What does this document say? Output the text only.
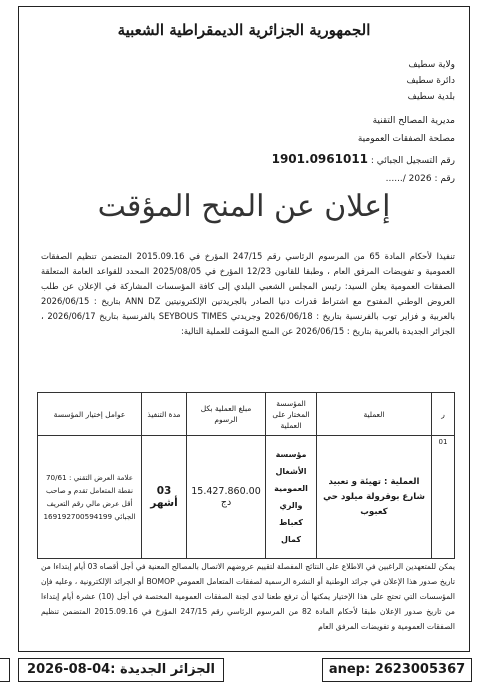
الجمهورية الجزائرية الديمقراطية الشعبية
ولاية سطيف
دائرة سطيف
بلدية سطيف
مديرية المصالح التقنية
مصلحة الصفقات العمومية
رقم التسجيل الجبائي : 1901.0961011
رقم : ....../ 2026
إعلان عن المنح المؤقت
تنفيذا لأحكام المادة 65 من المرسوم الرئاسي رقم 247/15 المؤرخ في 2015.09.16 المتضمن تنظيم الصفقات العمومية و تفويضات المرفق العام ، وطبقا للقانون 12/23 المؤرخ في 2025/08/05 المحدد للقواعد العامة المتعلقة الصفقات العمومية يعلن السيد: رئيس المجلس الشعبي البلدي إلى كافة المؤسسات المشاركة في الإعلان عن طلب العروض الوطني المفتوح مع اشتراط قدرات دنيا الصادر بالجريدتين الإلكترونيتين ANN DZ بتاريخ : 2026/06/15 بالعربية و فزاير توب بالفرنسية بتاريخ : 2026/06/18 وجريدتي SEYBOUS TIMES بالفرنسية بتاريخ 2026/06/17 ، الجزائر الجديدة بالعربية بتاريخ : 2026/06/15 عن المنح المؤقت للعملية التالية:
ر	العملية	المؤسسة المختار على العملية	مبلغ العملية بكل الرسوم	مدة التنفيذ	عوامل إختيار المؤسسة
01	العملية : تهيئة و تعبيد شارع بوقرولة ميلود حي كعبوب	مؤسسة الأشغال العمومية والري كعباط كمال	15.427.860.00 دج	03 أشهر	علامة العرض التقني : 70/61 نقطة المتعامل تقدم و صاحب أقل عرض مالي رقم التعريف الجبائي 169192700594199
يمكن للمتعهدين الراغبين في الاطلاع على النتائج المفصلة لتقييم عروضهم الاتصال بالمصالح المعنية في أجل أقصاه 03 أيام إبتداءا من تاريخ صدور هذا الإعلان في جرائد الوطنية أو النشرة الرسمية لصفقات المتعامل العمومي BOMOP أو الجرائد الإلكترونية ، وعليه فإن المؤسسات التي تحتج على هذا الإختيار يمكنها أن ترفع طعنا لدى لجنة الصفقات العمومية المختصة في أجل (10) عشرة أيام إبتداءا من تاريخ صدور الإعلان طبقا لأحكام المادة 82 من المرسوم الرئاسي رقم 247/15 المؤرخ في 2015.09.16 المتضمن تنظيم الصفقات العمومية و تفويضات المرفق العام
الجزائر الجديدة :04-08-2026	anep: 2623005367
